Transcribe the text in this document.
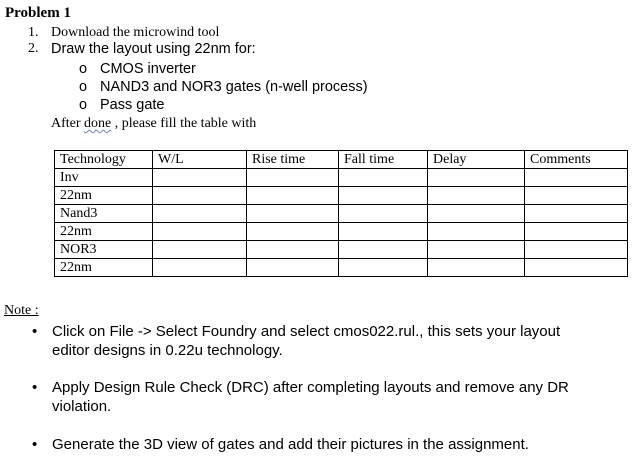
Problem 1
1. Download the microwind tool
2. Draw the layout using 22nm for:
o CMOS inverter
o NAND3 and NOR3 gates (n-well process)
o Pass gate
After done , please fill the table with
Technology	W/L	Rise time	Fall time	Delay	Comments
Inv					
22nm					
Nand3					
22nm					
NOR3					
22nm					
Note :
• Click on File -> Select Foundry and select cmos022.rul., this sets your layout
editor designs in 0.22u technology.
• Apply Design Rule Check (DRC) after completing layouts and remove any DR
violation.
• Generate the 3D view of gates and add their pictures in the assignment.
